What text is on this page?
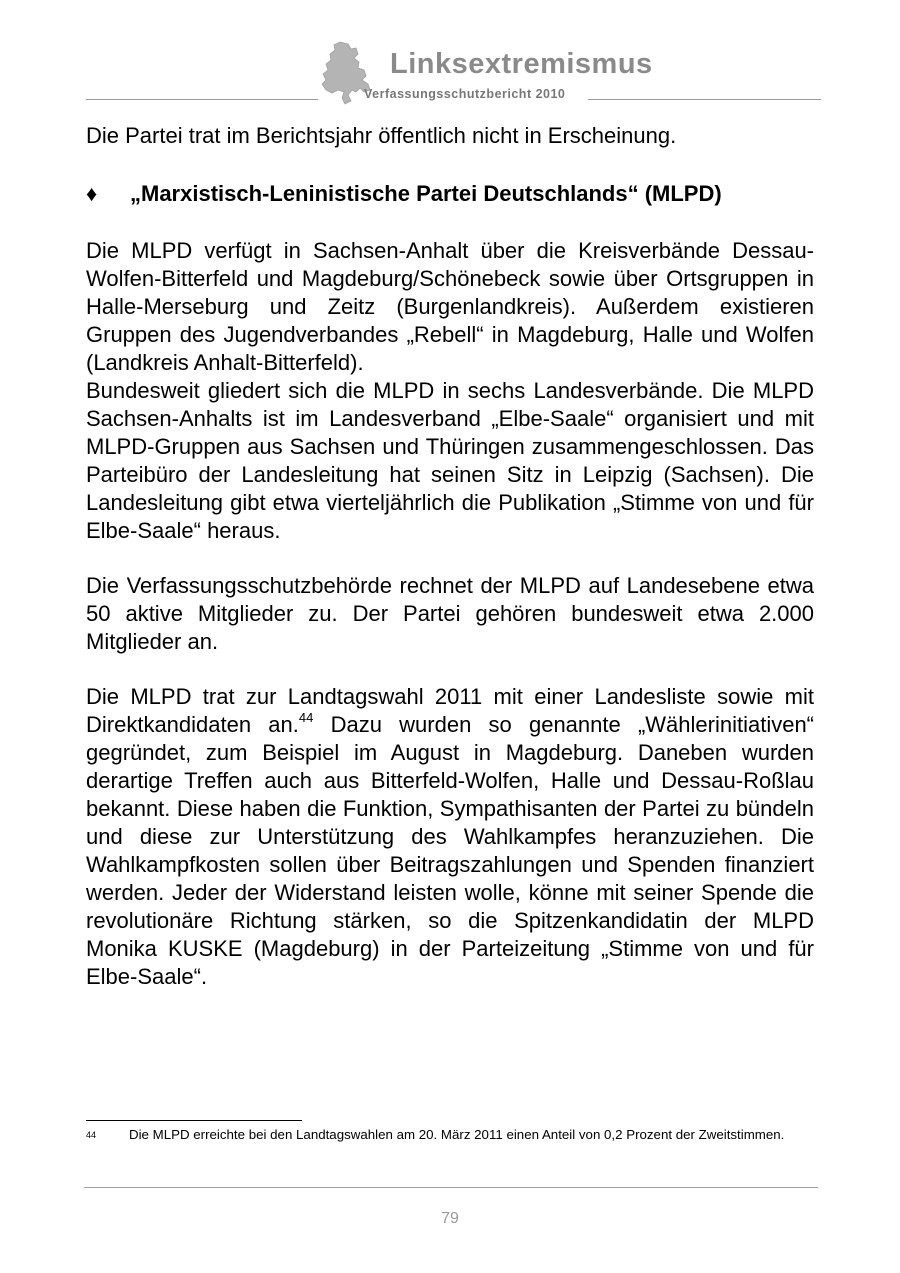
Linksextremismus
Verfassungsschutzbericht 2010

Die Partei trat im Berichtsjahr öffentlich nicht in Erscheinung.

♦	„Marxistisch-Leninistische Partei Deutschlands“ (MLPD)

Die MLPD verfügt in Sachsen-Anhalt über die Kreisverbände Dessau-Wolfen-Bitterfeld und Magdeburg/Schönebeck sowie über Ortsgruppen in Halle-Merseburg und Zeitz (Burgenlandkreis). Außerdem existieren Gruppen des Jugendverbandes „Rebell“ in Magdeburg, Halle und Wolfen (Landkreis Anhalt-Bitterfeld).

Bundesweit gliedert sich die MLPD in sechs Landesverbände. Die MLPD Sachsen-Anhalts ist im Landesverband „Elbe-Saale“ organisiert und mit MLPD-Gruppen aus Sachsen und Thüringen zusammengeschlossen. Das Parteibüro der Landesleitung hat seinen Sitz in Leipzig (Sachsen). Die Landesleitung gibt etwa vierteljährlich die Publikation „Stimme von und für Elbe-Saale“ heraus.

Die Verfassungsschutzbehörde rechnet der MLPD auf Landesebene etwa 50 aktive Mitglieder zu. Der Partei gehören bundesweit etwa 2.000 Mitglieder an.

Die MLPD trat zur Landtagswahl 2011 mit einer Landesliste sowie mit Direktkandidaten an.$^{44}$ Dazu wurden so genannte „Wählerinitiativen“ gegründet, zum Beispiel im August in Magdeburg. Daneben wurden derartige Treffen auch aus Bitterfeld-Wolfen, Halle und Dessau-Roßlau bekannt. Diese haben die Funktion, Sympathisanten der Partei zu bündeln und diese zur Unterstützung des Wahlkampfes heranzuziehen. Die Wahlkampfkosten sollen über Beitragszahlungen und Spenden finanziert werden. Jeder der Widerstand leisten wolle, könne mit seiner Spende die revolutionäre Richtung stärken, so die Spitzenkandidatin der MLPD Monika KUSKE (Magdeburg) in der Parteizeitung „Stimme von und für Elbe-Saale“.

44 Die MLPD erreichte bei den Landtagswahlen am 20. März 2011 einen Anteil von 0,2 Prozent der Zweitstimmen.
79
